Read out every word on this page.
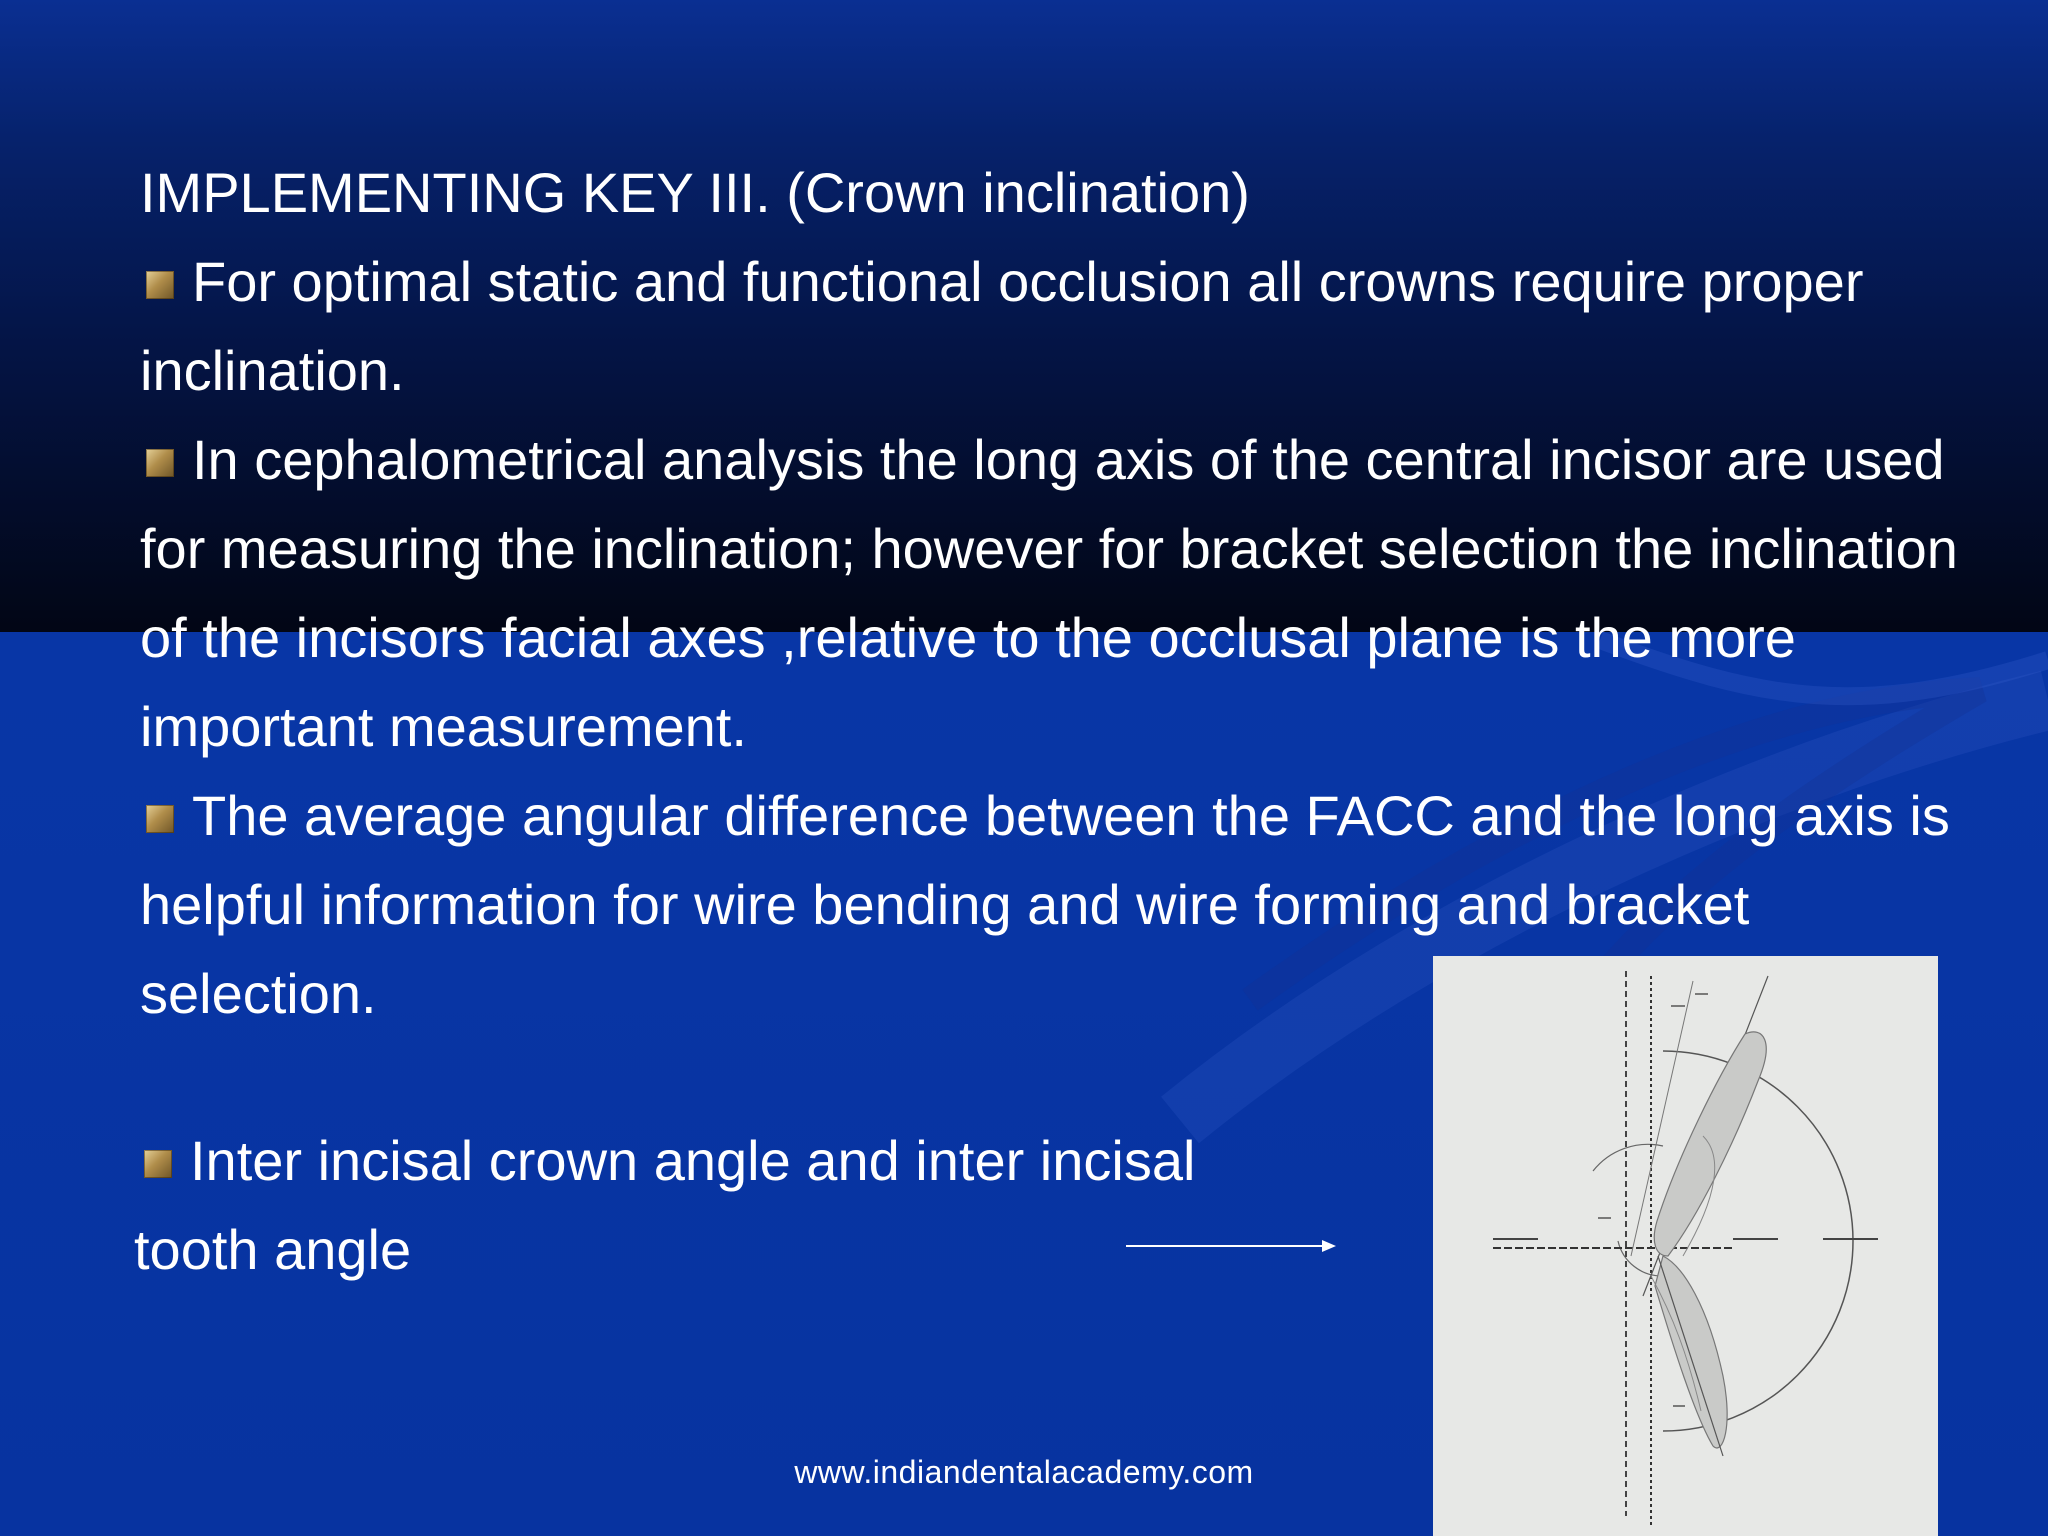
IMPLEMENTING KEY III. (Crown inclination)
For optimal static and functional occlusion all crowns require proper inclination.
In cephalometrical analysis the long axis of the central incisor are used for measuring the inclination; however for bracket selection the inclination of the incisors facial axes ,relative to the occlusal plane is the more important measurement.
The average angular difference between the FACC and the long axis is helpful information for wire bending and wire forming and bracket selection.
Inter incisal crown angle and inter incisal
tooth angle
www.indiandentalacademy.com
